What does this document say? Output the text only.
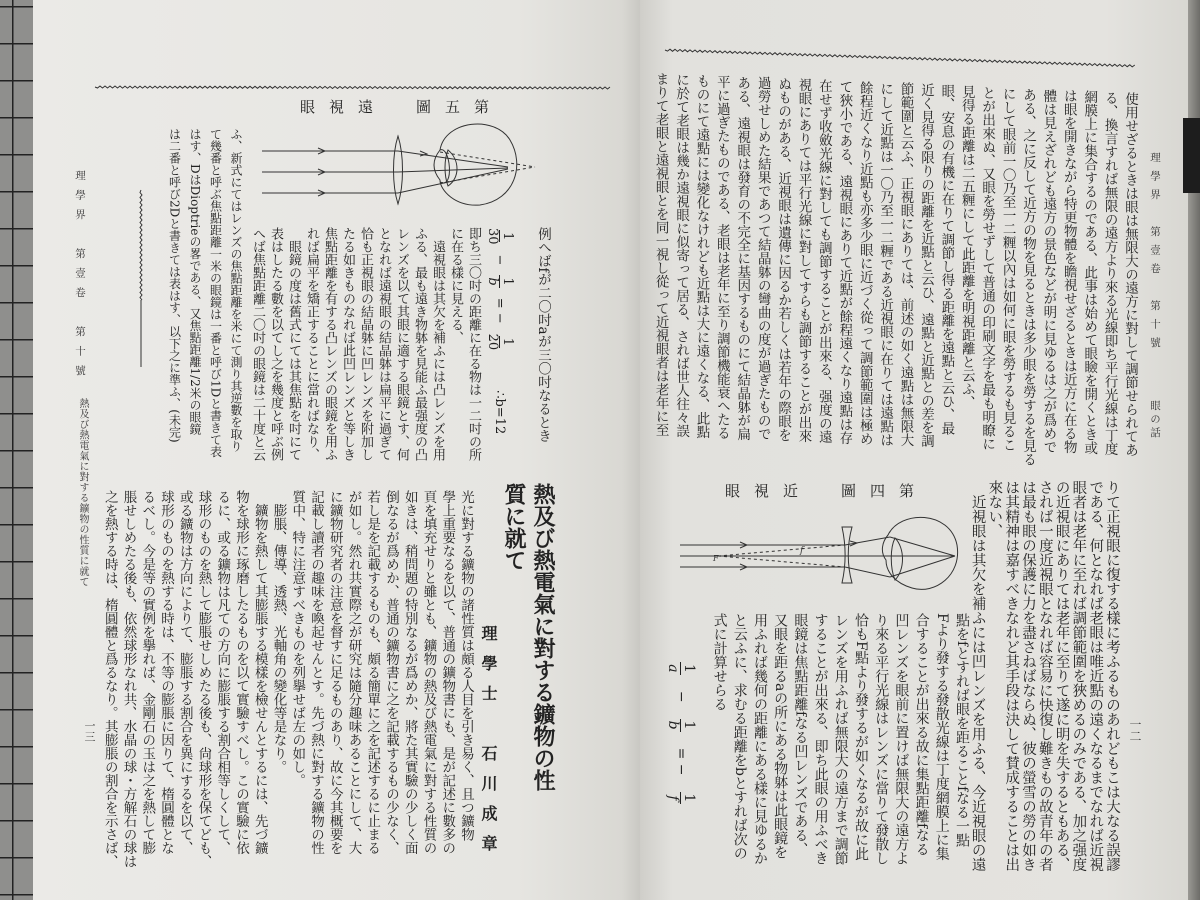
F
f
理學界　第壹卷　第十號
熱及び熱電氣に對する鑛物の性質に就て
一三
第五圖　遠視眼
例へばfが二〇吋aが三〇吋なるとき
1
30
−
1
b
= −
1
20
∴b=12
即ち三〇吋の距離に在る物は一二吋の所
に在る樣に見える、
　遠視眼は其欠を補ふには凸レンズを用
ふる、最も遠き物躰を見能ふ最强度の凸
レンズを以て其眼に適する眼鏡とす、何
となれば遠視眼の結晶躰は扁平に過ぎて
恰も正視眼の結晶躰に凹レンズを附加し
たる如きものなれば此凹レンズと等しき
焦點距離を有する凸レンズの眼鏡を用ふ
れば扁平を矯正することに當ればなり、
　眼鏡の度は舊式にては其焦點を吋にて
表はしたる數を以てし之を幾度と呼ぶ例
へば焦點距離二〇吋の眼鏡は二十度と云
ふ、新式にてはレンズの焦點距離を米にて測り其逆數を取り
て幾番と呼ぶ焦點距離一米の眼鏡は一番と呼び1Dと書きて表
はす、DはDioptrieの畧である、又焦點距離1/2米の眼鏡
は二番と呼び2Dと書きては表はす、以下之に準ふ、(未完)
熱及び熱電氣に對する鑛物の性
質に就て
理學士　石川成章
光に對する鑛物の諸性質は頗る人目を引き易く、且つ鑛物
學上重要なるを以て、普通の鑛物書にも、是が記述に數多の
頁を填充せりと雖とも、鑛物の熱及び熱電氣に對する性質の
如きは、稍問題の特別なるが爲めか、將た其實驗の少しく面
倒なるが爲めか、普通の鑛物書に之を記載するもの少なく、
若し是を記載するものも、頗る簡單に之を記述するに止まる
が如し。然れ共實際之が研究は隨分趣味あることにして、大
に鑛物研究者の注意を督すに足るものあり、故に今其概要を
記載し讀者の趣味を喚起せんとす。先づ熱に對する鑛物の性
質中、特に注意すべきものを列擧せば左の如し。
　膨脹、傳導、透熱、光軸角の變化等是なり。
　鑛物を熱して其膨脹する模樣を檢せんとするには、先づ鑛
物を球形に琢磨したるものを以て實驗すべし。この實驗に依
るに、或る鑛物は凡ての方向に膨脹する割合相等しくして、
球形のものを熱して膨脹せしめたる後も、尙球形を保てども、
或る鑛物は方向によりて、膨脹する割合を異にするを以て、
球形のものを熱する時は、不等の膨脹に因りて、楕圓體とな
るべし。今是等の實例を擧れば、金剛石の玉は之を熱して膨
脹せしめたる後も、依然球形なれ共、水晶の球・方解石の球は
之を熱する時は、楕圓體と爲るなり。其膨脹の割合を示さば、
理學界　第壹卷　第十號
眼の話
一二
使用せざるときは眼は無限大の遠方に對して調節せられてあ
る、換言すれば無限の遠方より來る光線即ち平行光線は丁度
網膜上に集合するのである、此事は始めて眼瞼を開くとき或
は眼を開きながら特更物體を瞻視せざるときは近方に在る物
體は見えざれども遠方の景色などが明に見ゆるは之が爲めで
ある、之に反して近方の物を見るときは多少眼を勞するを見る
にして眼前一〇乃至一二糎以內は如何に眼を勞するも見るこ
とが出來ぬ、又眼を勞せずして普通の印刷文字を最も明瞭に
見得る距離は二五糎にして此距離を明視距離と云ふ、
眼、安息の有機に在りて調節し得る距離を遠點と云ひ、最
近く見得る限りの距離を近點と云ひ、遠點と近點との差を調
節範圍と云ふ、正視眼にありては、前述の如く遠點は無限大
にして近點は一〇乃至一二糎である近視眼に在りては遠點は
餘程近くなり近點も亦多少眼に近づく從って調節範圍は極め
て狹小である、遠視眼にありて近點が餘程遠くなり遠點は存
在せず收斂光線に對しても調節することが出來る、强度の遠
視眼にありては平行光線に對してすらも調節することが出來
ぬものがある、近視眼は遺傳に因るか若しくは若年の際眼を
過勞せしめた結果であつて結晶躰の彎曲の度が過ぎたもので
ある、遠視眼は發育の不完全に基因するものにて結晶躰が扁
平に過ぎたものである、老眼は老年に至り調節機能衰へたる
ものにて遠點には變化なけれども近點は大に遠くなる、此點
に於て老眼は幾か遠視眼に似寄って居る、されば世人往々誤
まりて老眼と遠視眼とを同一視し從って近視眼者は老年に至
第四圖　近視眼	りて正視眼に復する樣に考ふるものあれどもこは大なる誤謬
である、何となれば老眼は唯近點の遠くなるまでなれば近視
眼者は老年に至れば調節範圍を狹めるのみである、加之强度
の近視眼にありては老年に至りて遂に明を失するともある、
されば一度近視眼となれば容易に快復し難きもの故青年の者
は最も眼の保護に力を盡さねばならぬ、彼の螢雪の勞の如き
は其精神は嘉すべきなれど其手段は決して賛成することは出
來ない、
　近視眼は其欠を補ふには凹レンズを用ふる、今近視眼の遠
點をfとすれば眼を距ることfなる一點
Fより發する發散光線は丁度網膜上に集
合することが出來る故に集點距離fなる
凹レンズを眼前に置けば無限大の遠方よ
り來る平行光線はレンズに當りて發散し
恰もF點より發するが如くなるが故に此
レンズを用ふれば無限大の遠方まで調節
することが出來る、即ち此眼の用ふべき
眼鏡は焦點距離fなる凹レンズである、
又眼を距るaの所にある物躰は此眼鏡を
用ふれば幾何の距離にある樣に見ゆるか
と云ふに、求むる距離をbとすれば次の
式に計算せらる
1
a
−
1
b
= −
1
f
